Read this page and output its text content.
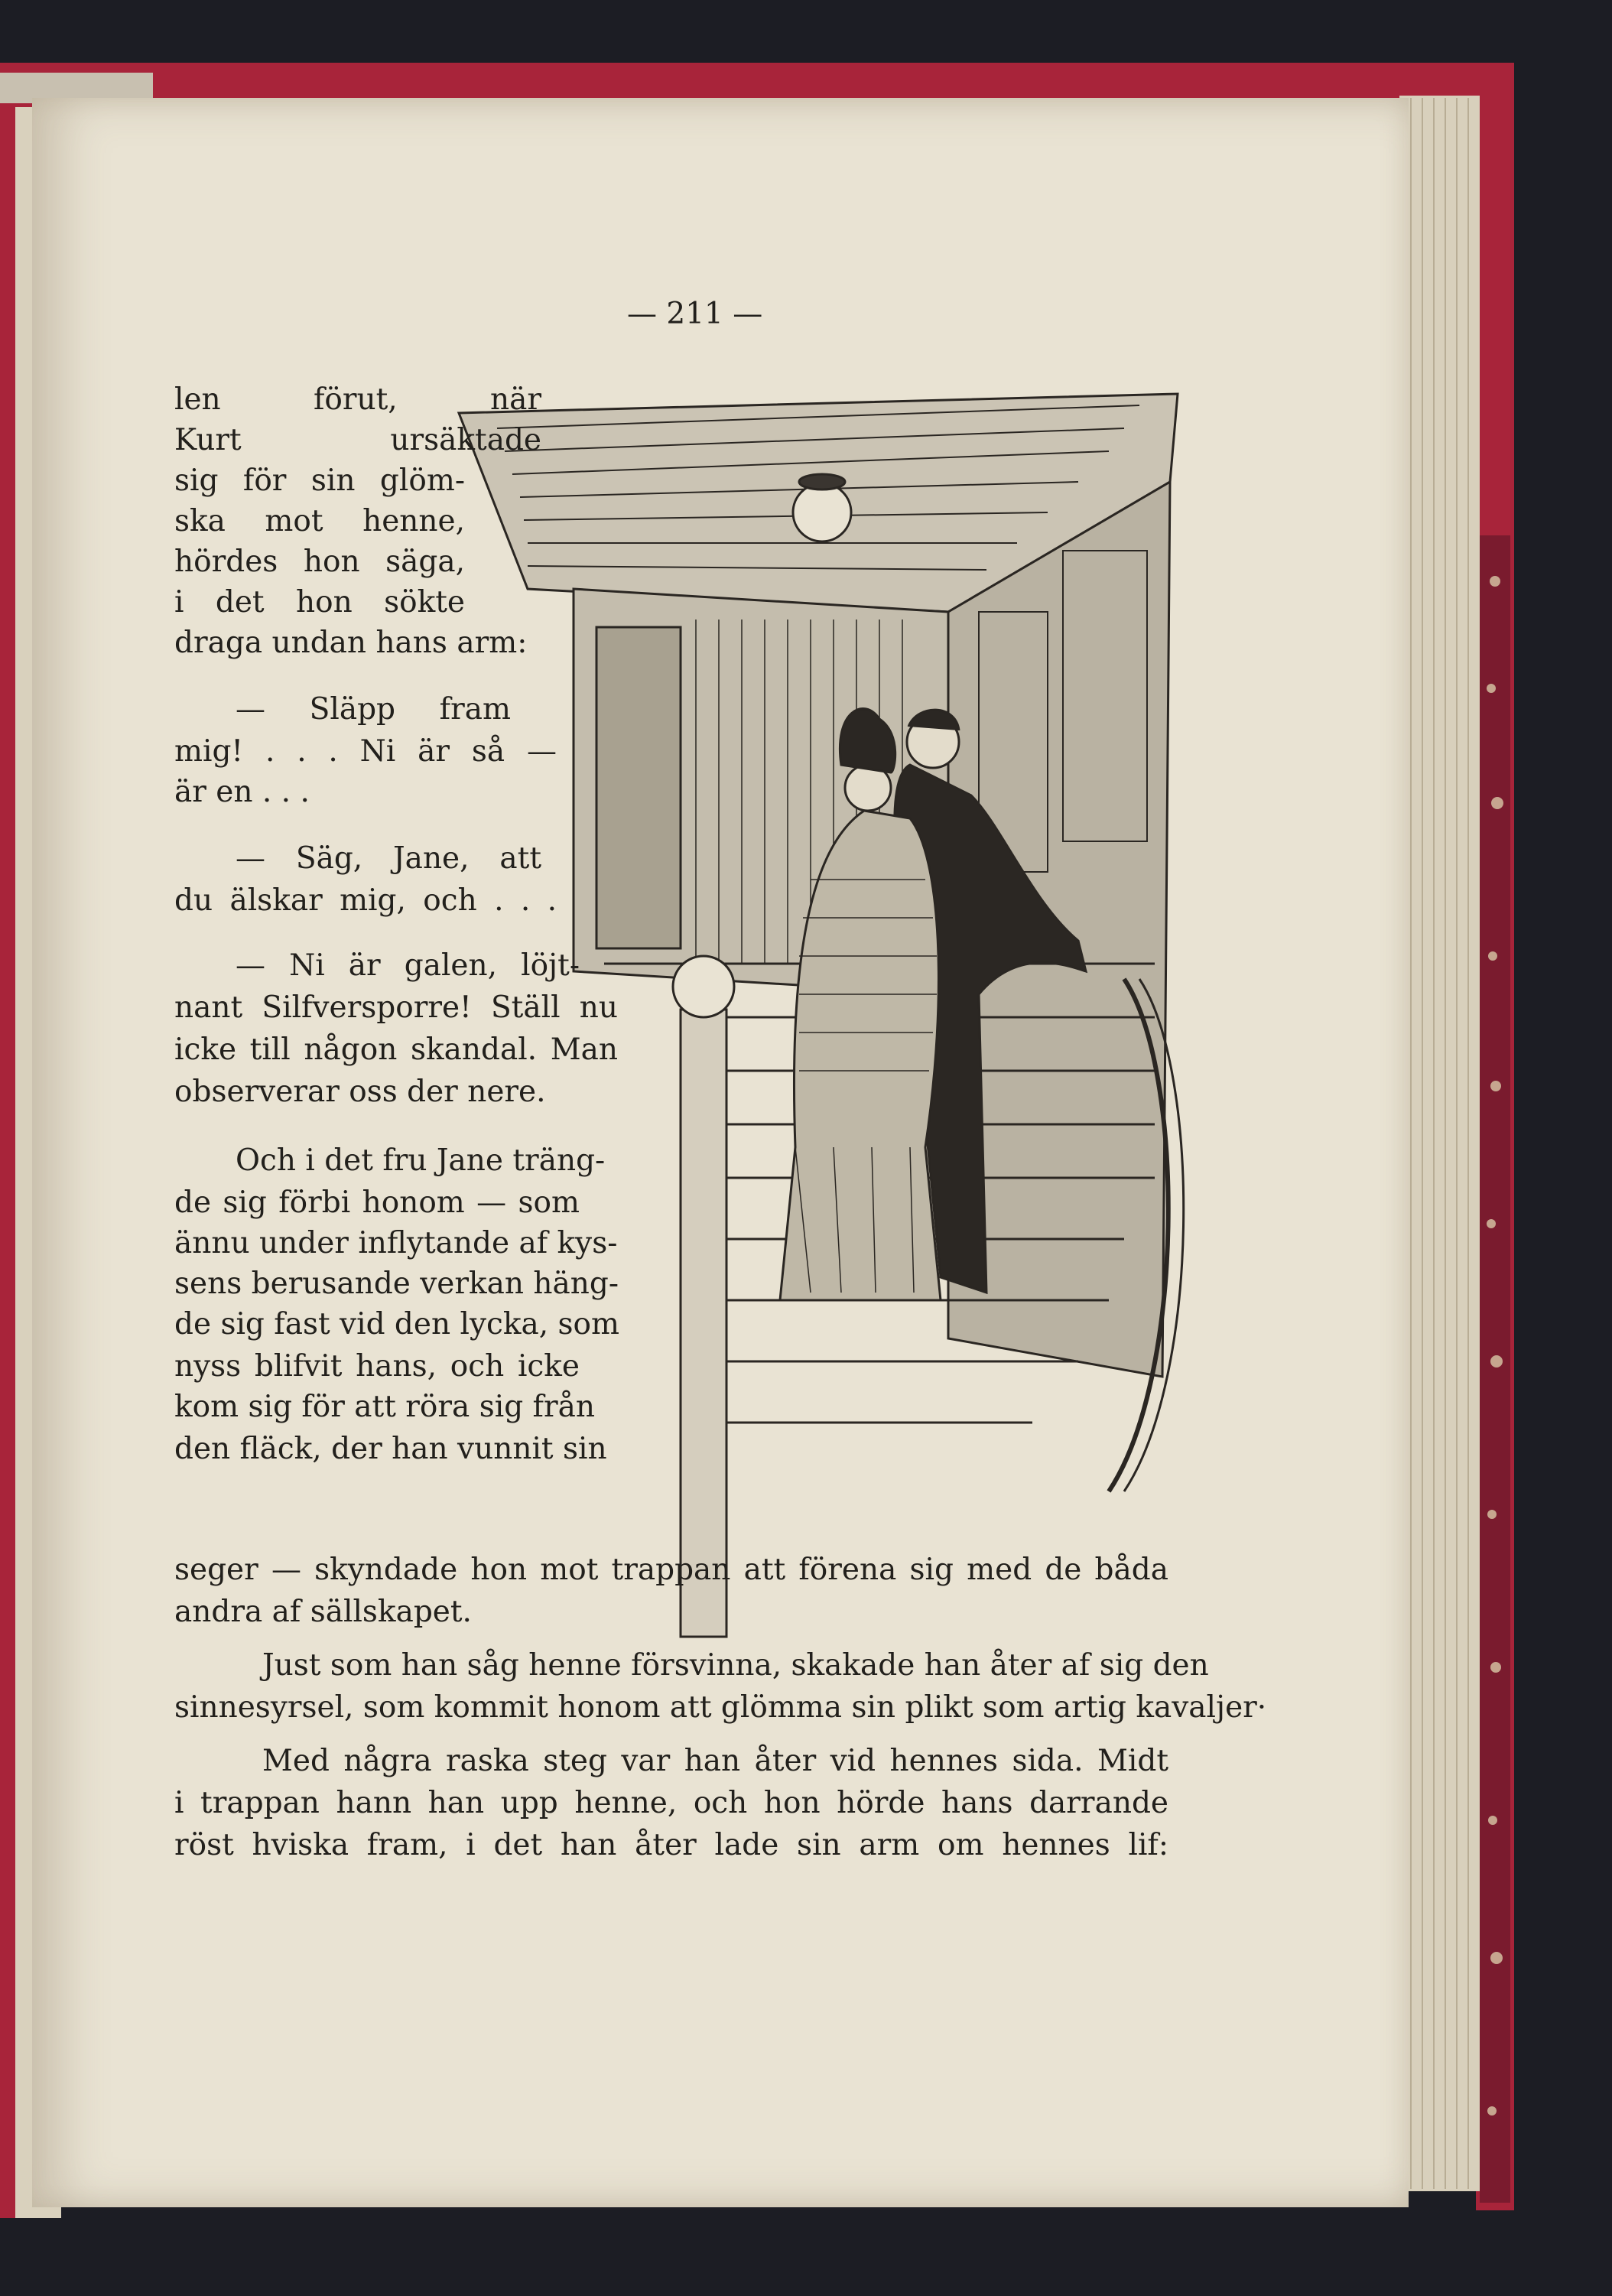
— 211 —
len förut, när
Kurt ursäktade
sig för sin glöm-
ska mot henne,
hördes hon säga,
i det hon sökte
draga undan hans arm:
— Släpp fram
mig! . . . Ni är så —
är en . . .
— Säg, Jane, att
du älskar mig, och . . .
— Ni är galen, löjt-
nant Silfversporre! Ställ nu
icke till någon skandal. Man
observerar oss der nere.
Och i det fru Jane träng-
de sig förbi honom — som
ännu under inflytande af kys-
sens berusande verkan häng-
de sig fast vid den lycka, som
nyss blifvit hans, och icke
kom sig för att röra sig från
den fläck, der han vunnit sin
seger — skyndade hon mot trappan att förena sig med de båda
andra af sällskapet.
Just som han såg henne försvinna, skakade han åter af sig den
sinnesyrsel, som kommit honom att glömma sin plikt som artig kavaljer·
Med några raska steg var han åter vid hennes sida. Midt
i trappan hann han upp henne, och hon hörde hans darrande
röst hviska fram, i det han åter lade sin arm om hennes lif:
